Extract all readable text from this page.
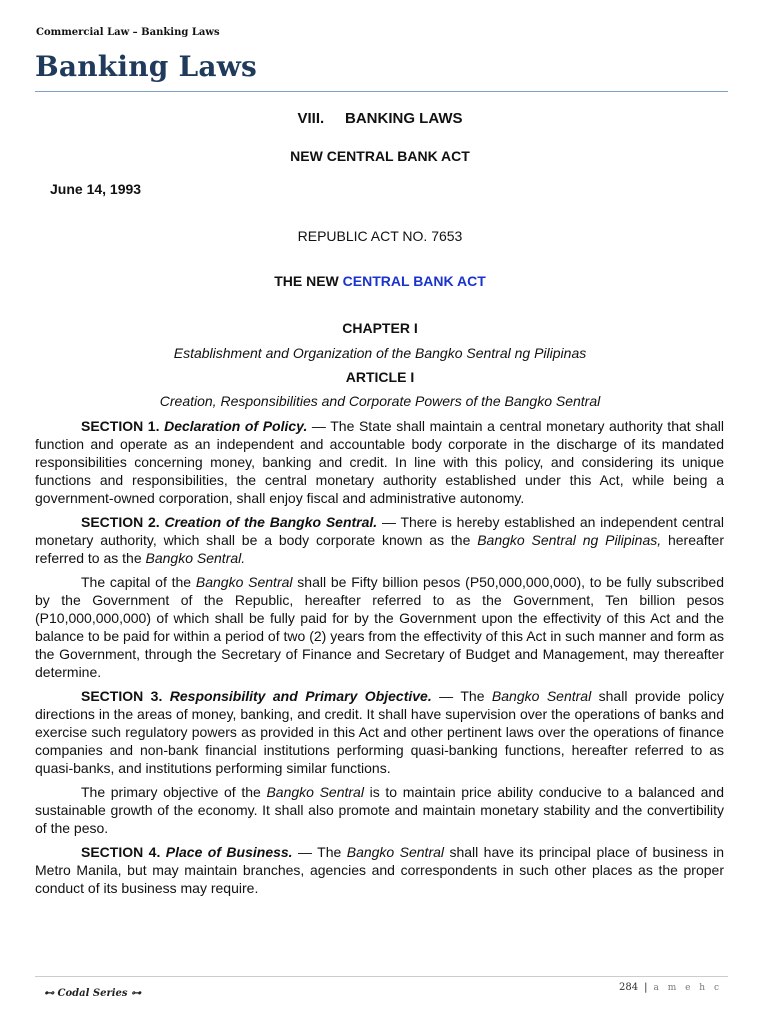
Commercial Law – Banking Laws
Banking Laws
VIII.     BANKING LAWS
NEW CENTRAL BANK ACT
June 14, 1993
REPUBLIC ACT NO. 7653
THE NEW CENTRAL BANK ACT
CHAPTER I
Establishment and Organization of the Bangko Sentral ng Pilipinas
ARTICLE I
Creation, Responsibilities and Corporate Powers of the Bangko Sentral

SECTION 1. Declaration of Policy. — The State shall maintain a central monetary authority that shall function and operate as an independent and accountable body corporate in the discharge of its mandated responsibilities concerning money, banking and credit. In line with this policy, and considering its unique functions and responsibilities, the central monetary authority established under this Act, while being a government-owned corporation, shall enjoy fiscal and administrative autonomy.

SECTION 2. Creation of the Bangko Sentral. — There is hereby established an independent central monetary authority, which shall be a body corporate known as the Bangko Sentral ng Pilipinas, hereafter referred to as the Bangko Sentral.

The capital of the Bangko Sentral shall be Fifty billion pesos (P50,000,000,000), to be fully subscribed by the Government of the Republic, hereafter referred to as the Government, Ten billion pesos (P10,000,000,000) of which shall be fully paid for by the Government upon the effectivity of this Act and the balance to be paid for within a period of two (2) years from the effectivity of this Act in such manner and form as the Government, through the Secretary of Finance and Secretary of Budget and Management, may thereafter determine.

SECTION 3. Responsibility and Primary Objective. — The Bangko Sentral shall provide policy directions in the areas of money, banking, and credit. It shall have supervision over the operations of banks and exercise such regulatory powers as provided in this Act and other pertinent laws over the operations of finance companies and non-bank financial institutions performing quasi-banking functions, hereafter referred to as quasi-banks, and institutions performing similar functions.

The primary objective of the Bangko Sentral is to maintain price ability conducive to a balanced and sustainable growth of the economy. It shall also promote and maintain monetary stability and the convertibility of the peso.

SECTION 4. Place of Business. — The Bangko Sentral shall have its principal place of business in Metro Manila, but may maintain branches, agencies and correspondents in such other places as the proper conduct of its business may require.

⊷ Codal Series ⊶
284 | a m e h c
